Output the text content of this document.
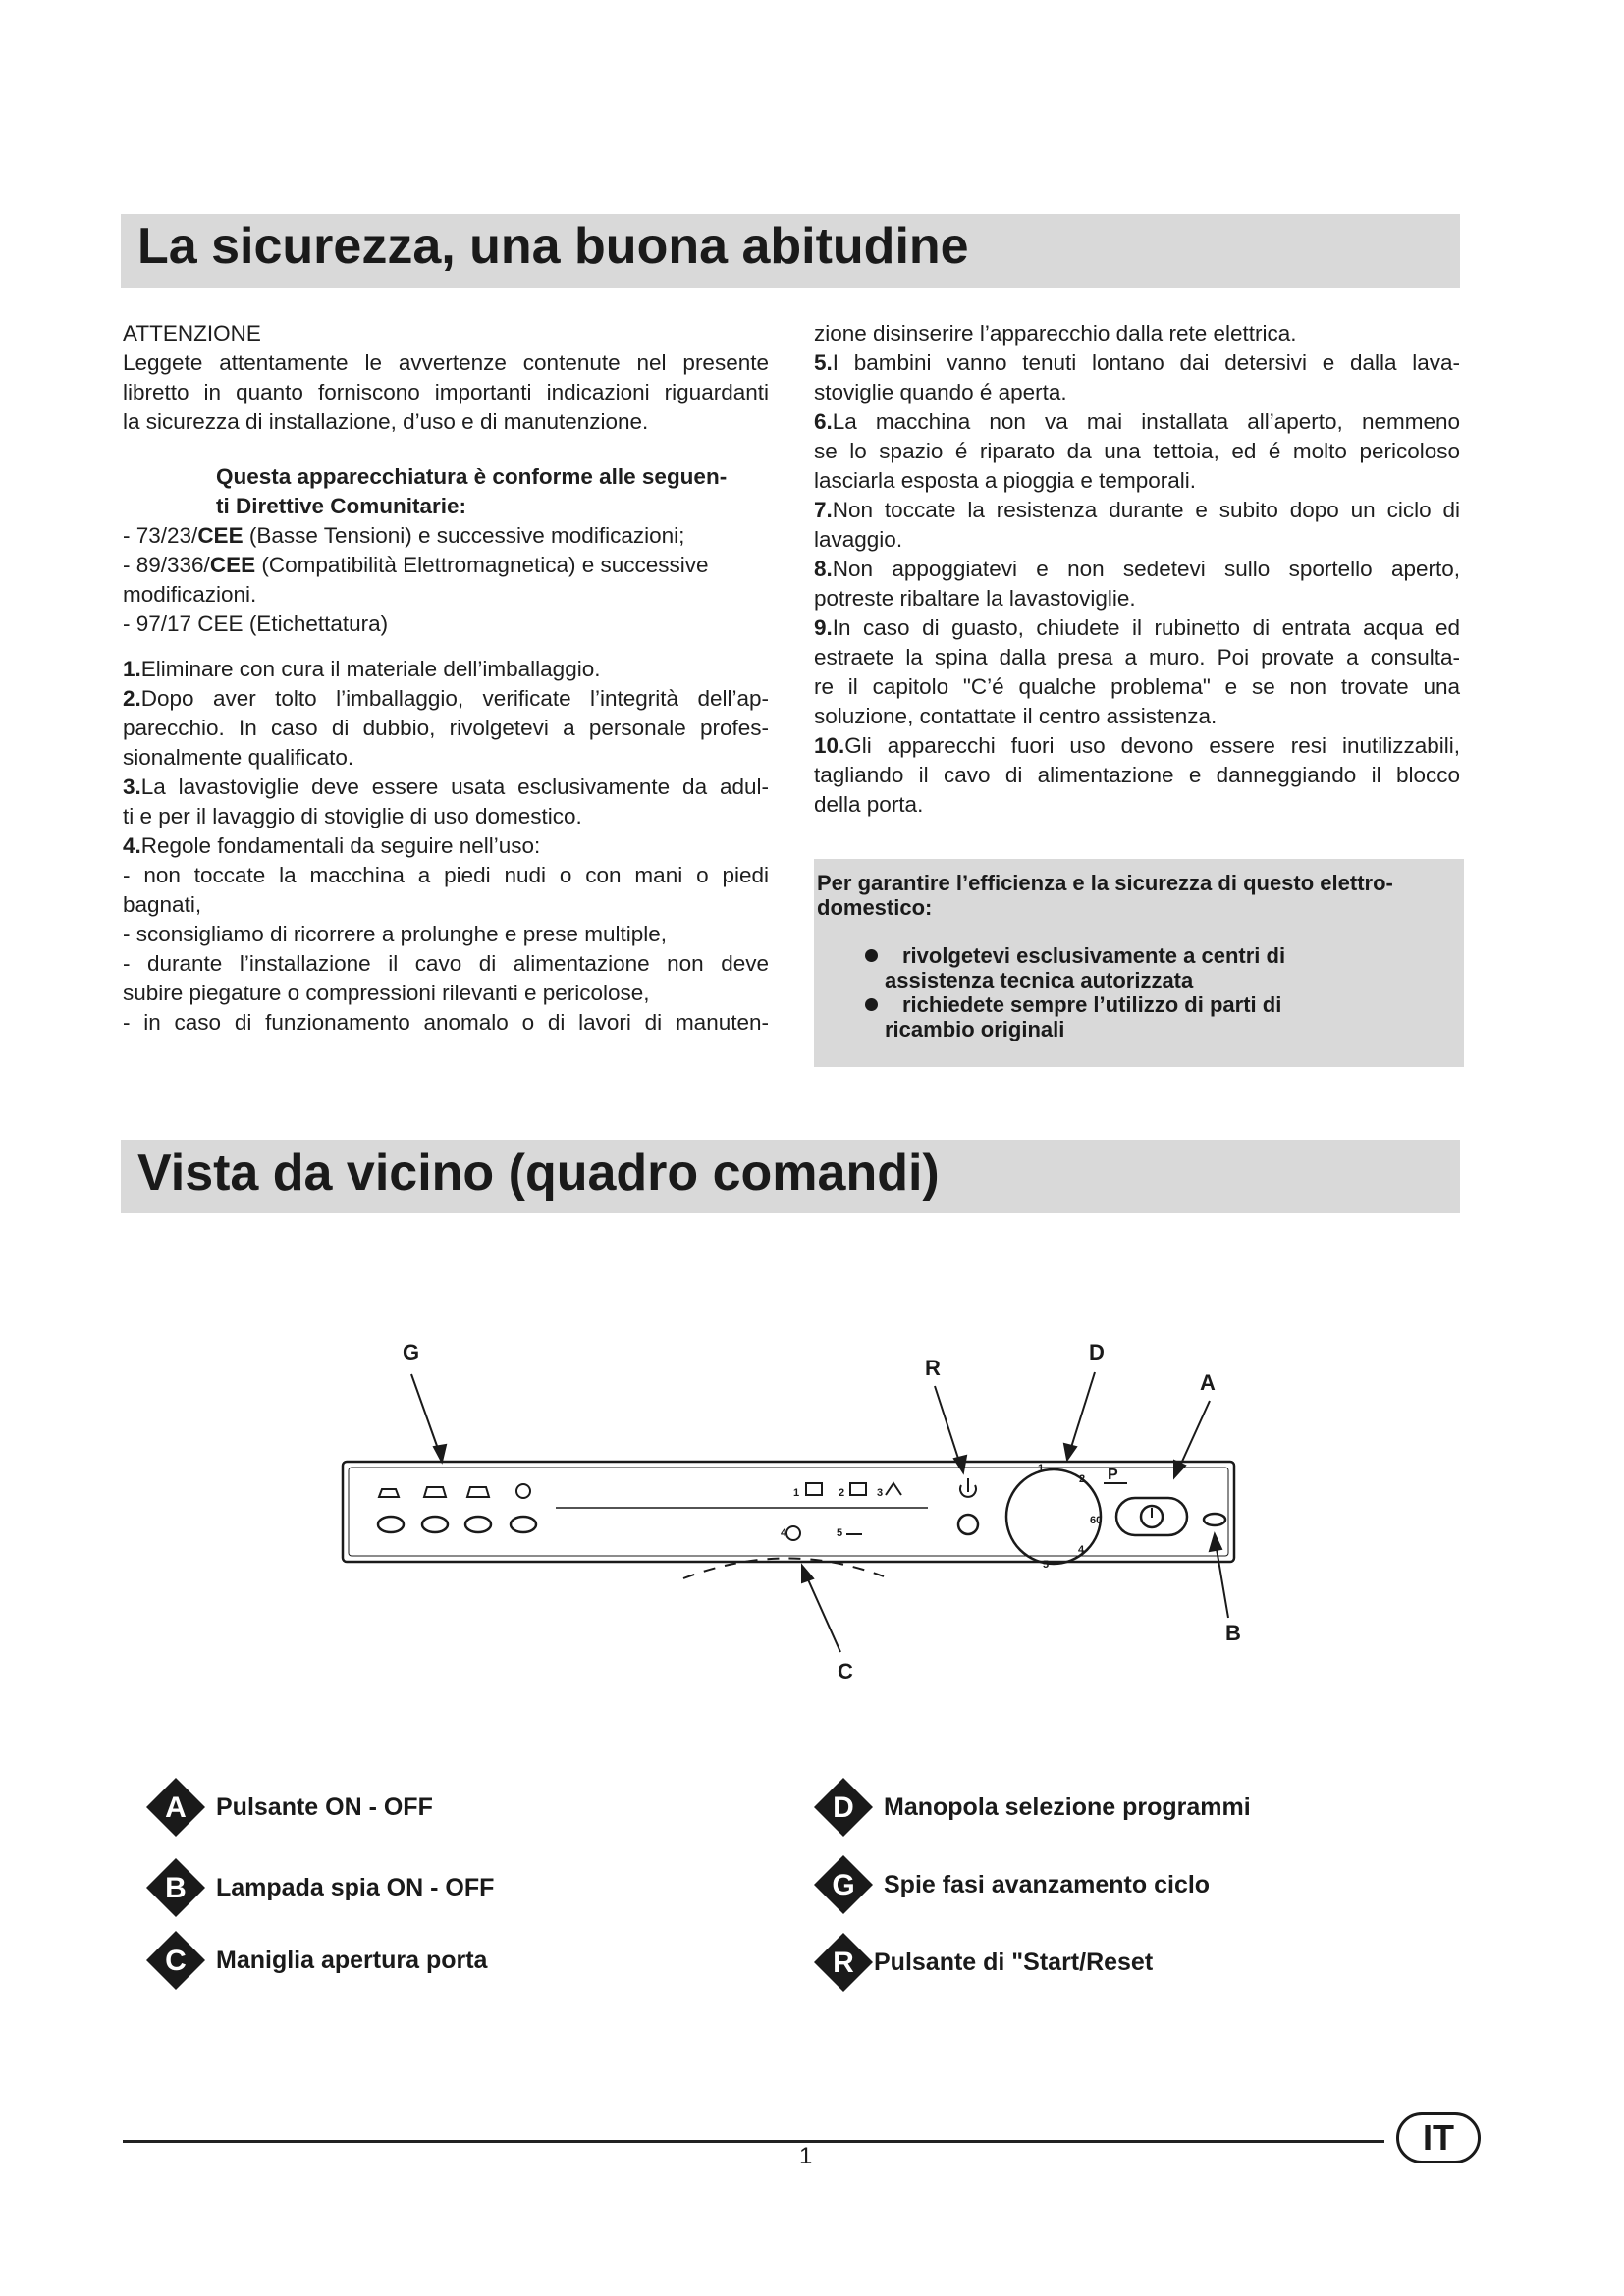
La sicurezza, una buona abitudine

ATTENZIONE

Leggete attentamente le avvertenze contenute nel presente

libretto in quanto forniscono importanti indicazioni riguardanti

la sicurezza di installazione, d’uso e di manutenzione.

Questa apparecchiatura è conforme alle seguen-

ti Direttive Comunitarie:

- 73/23/CEE (Basse Tensioni) e successive modificazioni;

- 89/336/CEE (Compatibilità Elettromagnetica) e successive

modificazioni.

- 97/17 CEE (Etichettatura)

1.Eliminare con cura il materiale dell’imballaggio.

2.Dopo aver tolto l’imballaggio, verificate l’integrità dell’ap-

parecchio. In caso di dubbio, rivolgetevi a personale profes-

sionalmente qualificato.

3.La lavastoviglie deve essere usata esclusivamente da adul-

ti e per il lavaggio di stoviglie di uso domestico.

4.Regole fondamentali da seguire nell’uso:

- non toccate la macchina a piedi nudi o con mani o piedi

bagnati,

- sconsigliamo di ricorrere a prolunghe e prese multiple,

- durante l’installazione il cavo di alimentazione non deve

subire piegature o compressioni rilevanti e pericolose,

- in caso di funzionamento anomalo o di lavori di manuten-

zione disinserire l’apparecchio dalla rete elettrica.

5.I bambini vanno tenuti lontano dai detersivi e dalla lava-

stoviglie quando é aperta.

6.La macchina non va mai installata all’aperto, nemmeno

se lo spazio é riparato da una tettoia, ed é molto pericoloso

lasciarla esposta a pioggia e temporali.

7.Non toccate la resistenza durante e subito dopo un ciclo di

lavaggio.

8.Non appoggiatevi e non sedetevi sullo sportello aperto,

potreste ribaltare la lavastoviglie.

9.In caso di guasto, chiudete il rubinetto di entrata acqua ed

estraete la spina dalla presa a muro. Poi provate a consulta-

re il capitolo "C’é qualche problema" e se non trovate una

soluzione, contattate il centro assistenza.

10.Gli apparecchi fuori uso devono essere resi inutilizzabili,

tagliando il cavo di alimentazione e danneggiando il blocco

della porta.

Per garantire l’efficienza e la sicurezza di questo elettro-
domestico:
rivolgetevi esclusivamente a centri di
assistenza tecnica autorizzata
richiedete sempre l’utilizzo di parti di
ricambio originali
Vista da vicino (quadro comandi)
1
2
60
4
5
1	2	3
4	5
P
G
R
D
A
B
C
A Pulsante ON - OFF
B Lampada spia ON - OFF
C Maniglia apertura porta
D Manopola selezione programmi
G Spie fasi avanzamento ciclo
R Pulsante di "Start/Reset
1	IT
